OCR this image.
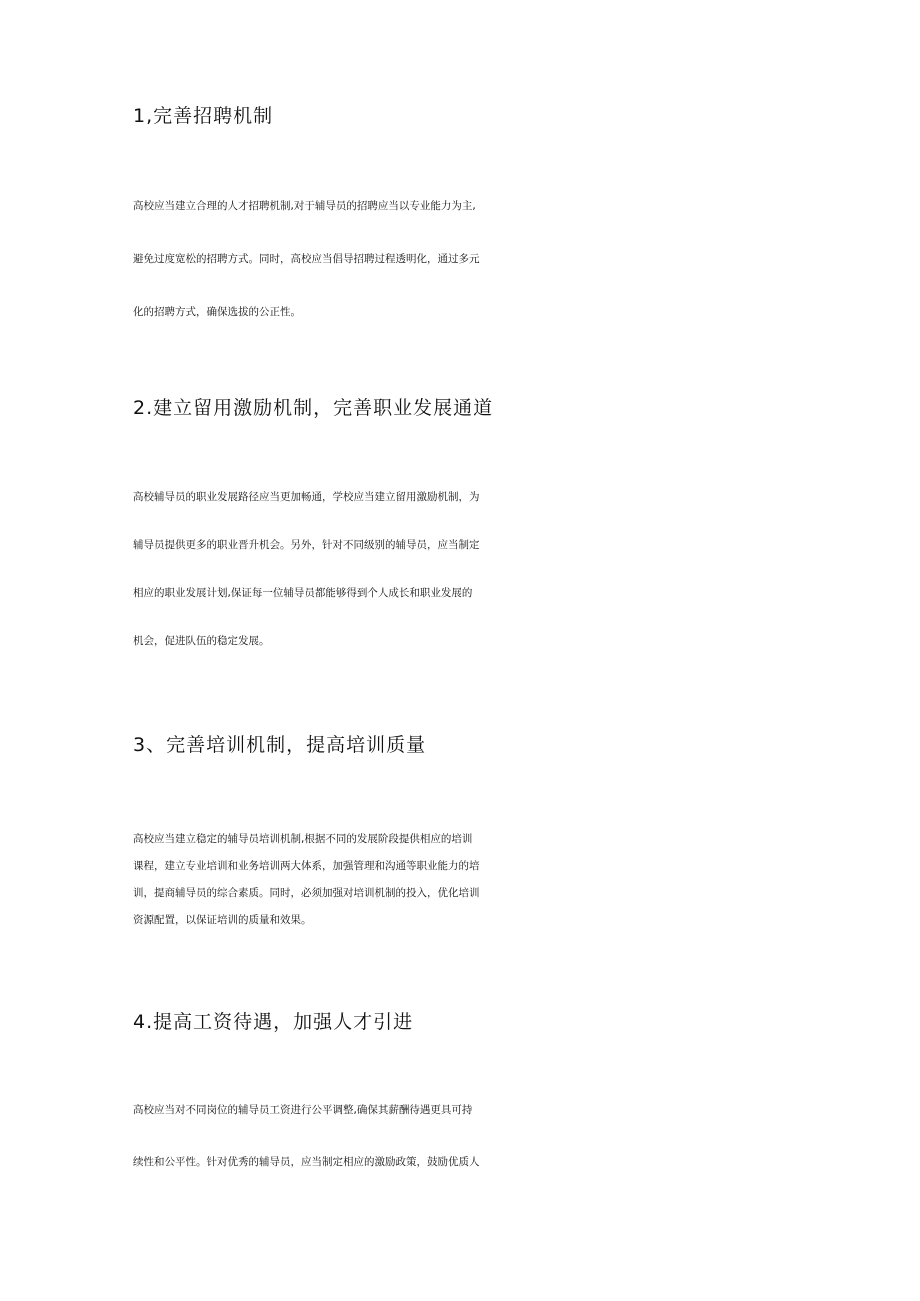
1,完善招聘机制
高校应当建立合理的人才招聘机制,对于辅导员的招聘应当以专业能力为主,
避免过度宽松的招聘方式。同时，高校应当倡导招聘过程透明化，通过多元
化的招聘方式，确保选拔的公正性。
2.建立留用激励机制，完善职业发展通道
高校辅导员的职业发展路径应当更加畅通，学校应当建立留用激励机制，为
辅导员提供更多的职业晋升机会。另外，针对不同级别的辅导员，应当制定
相应的职业发展计划,保证每一位辅导员都能够得到个人成长和职业发展的
机会，促进队伍的稳定发展。
3、完善培训机制，提高培训质量
高校应当建立稳定的辅导员培训机制,根据不同的发展阶段提供相应的培训
课程，建立专业培训和业务培训两大体系，加强管理和沟通等职业能力的培
训，提商辅导员的综合素质。同时，必须加强对培训机制的投入，优化培训
资源配置，以保证培训的质量和效果。
4.提高工资待遇，加强人才引进
高校应当对不同岗位的辅导员工资进行公平调整,确保其薪酬待遇更具可持
续性和公平性。针对优秀的辅导员，应当制定相应的激励政策，鼓励优质人
